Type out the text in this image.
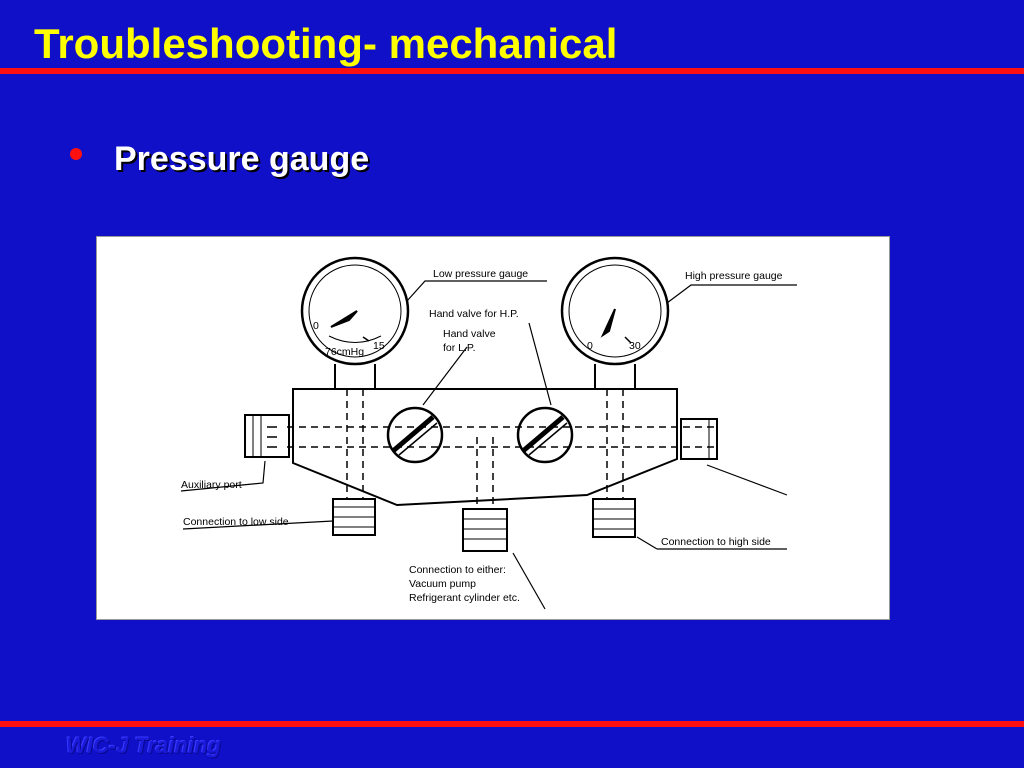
Troubleshooting- mechanical
Pressure gauge
0
15
76cmHg	0	30
Low pressure gauge	High pressure gauge
Hand valve for H.P.
Hand valve
for L.P.
Auxiliary port
Connection to low side
Connection to high side
Connection to either:
Vacuum pump
Refrigerant cylinder etc.
WIC-J Training
